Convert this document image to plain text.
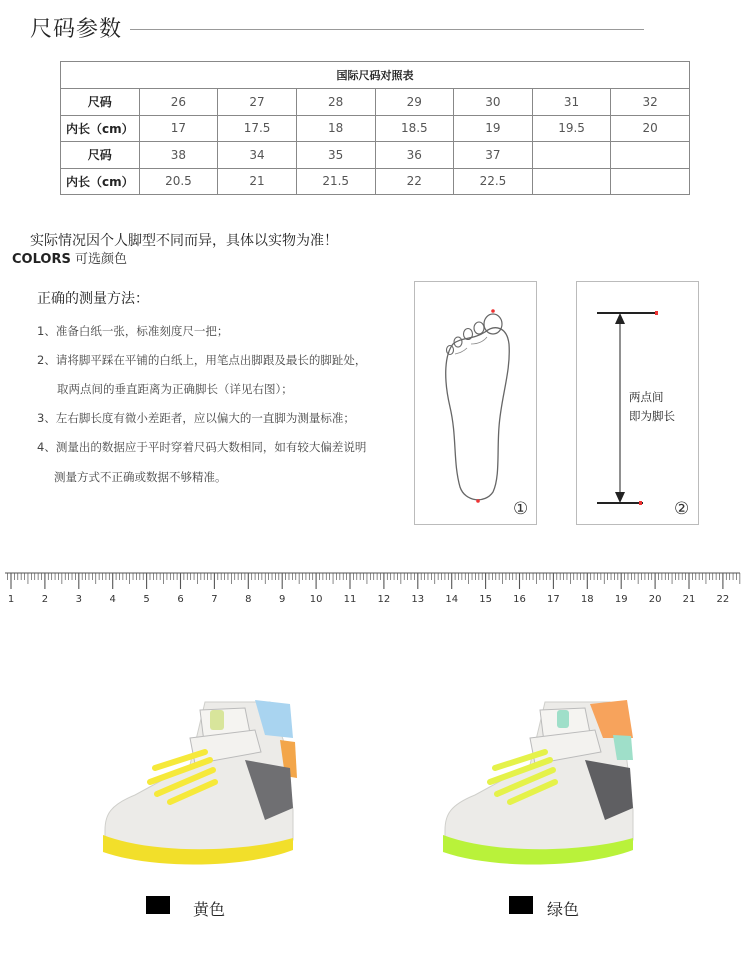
尺码参数
国际尺码对照表							
尺码	26	27	28	29	30	31	32
内长（cm）	17	17.5	18	18.5	19	19.5	20
尺码	38	34	35	36	37		
内长（cm）	20.5	21	21.5	22	22.5		
实际情况因个人脚型不同而异，具体以实物为准！
COLORS 可选颜色
正确的测量方法：
1、准备白纸一张，标准刻度尺一把；
2、请将脚平踩在平铺的白纸上，用笔点出脚跟及最长的脚趾处，
取两点间的垂直距离为正确脚长（详见右图）；
3、左右脚长度有微小差距者，应以偏大的一直脚为测量标准；
4、测量出的数据应于平时穿着尺码大数相同，如有较大偏差说明
测量方式不正确或数据不够精准。
①
两点间
即为脚长
②
1	2	3	4	5	6	7	8	9 10 11 12 13 14 15 16 17 18 19 20 21 22
黄色	绿色
